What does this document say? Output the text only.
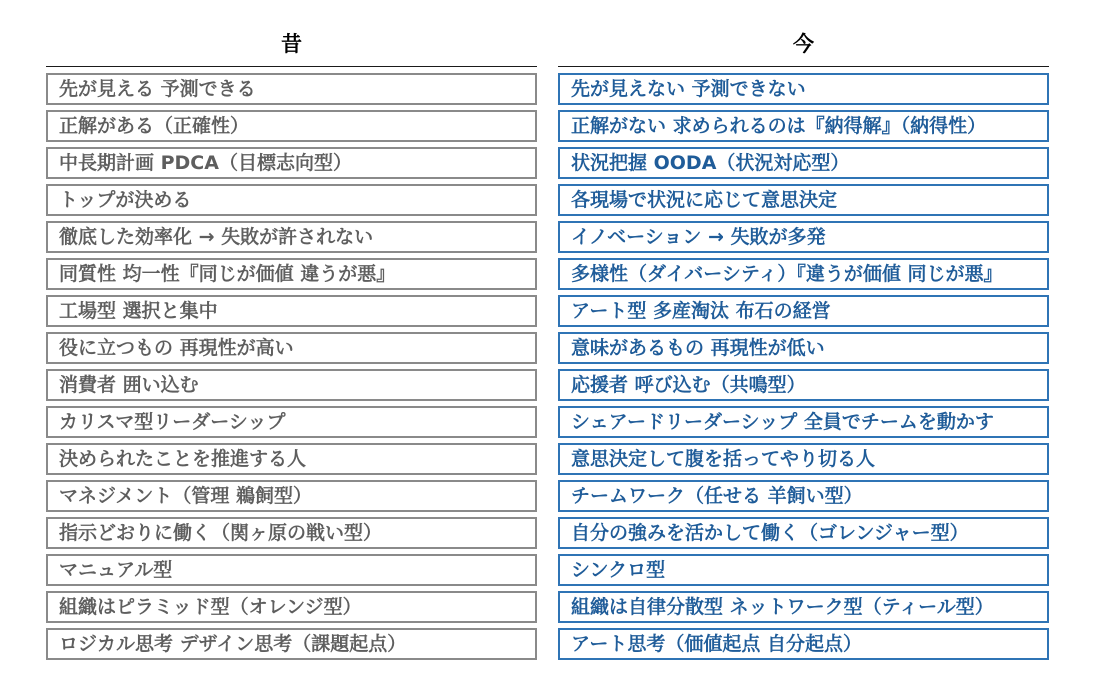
昔
先が見える 予測できる
正解がある（正確性）
中長期計画 PDCA（目標志向型）
トップが決める
徹底した効率化 → 失敗が許されない
同質性 均一性『同じが価値 違うが悪』
工場型 選択と集中
役に立つもの 再現性が高い
消費者 囲い込む
カリスマ型リーダーシップ
決められたことを推進する人
マネジメント（管理 鵜飼型）
指示どおりに働く（関ヶ原の戦い型）
マニュアル型
組織はピラミッド型（オレンジ型）
ロジカル思考 デザイン思考（課題起点）
今
先が見えない 予測できない
正解がない 求められるのは『納得解』（納得性）
状況把握 OODA（状況対応型）
各現場で状況に応じて意思決定
イノベーション → 失敗が多発
多様性（ダイバーシティ）『違うが価値 同じが悪』
アート型 多産淘汰 布石の経営
意味があるもの 再現性が低い
応援者 呼び込む（共鳴型）
シェアードリーダーシップ 全員でチームを動かす
意思決定して腹を括ってやり切る人
チームワーク（任せる 羊飼い型）
自分の強みを活かして働く（ゴレンジャー型）
シンクロ型
組織は自律分散型 ネットワーク型（ティール型）
アート思考（価値起点 自分起点）
